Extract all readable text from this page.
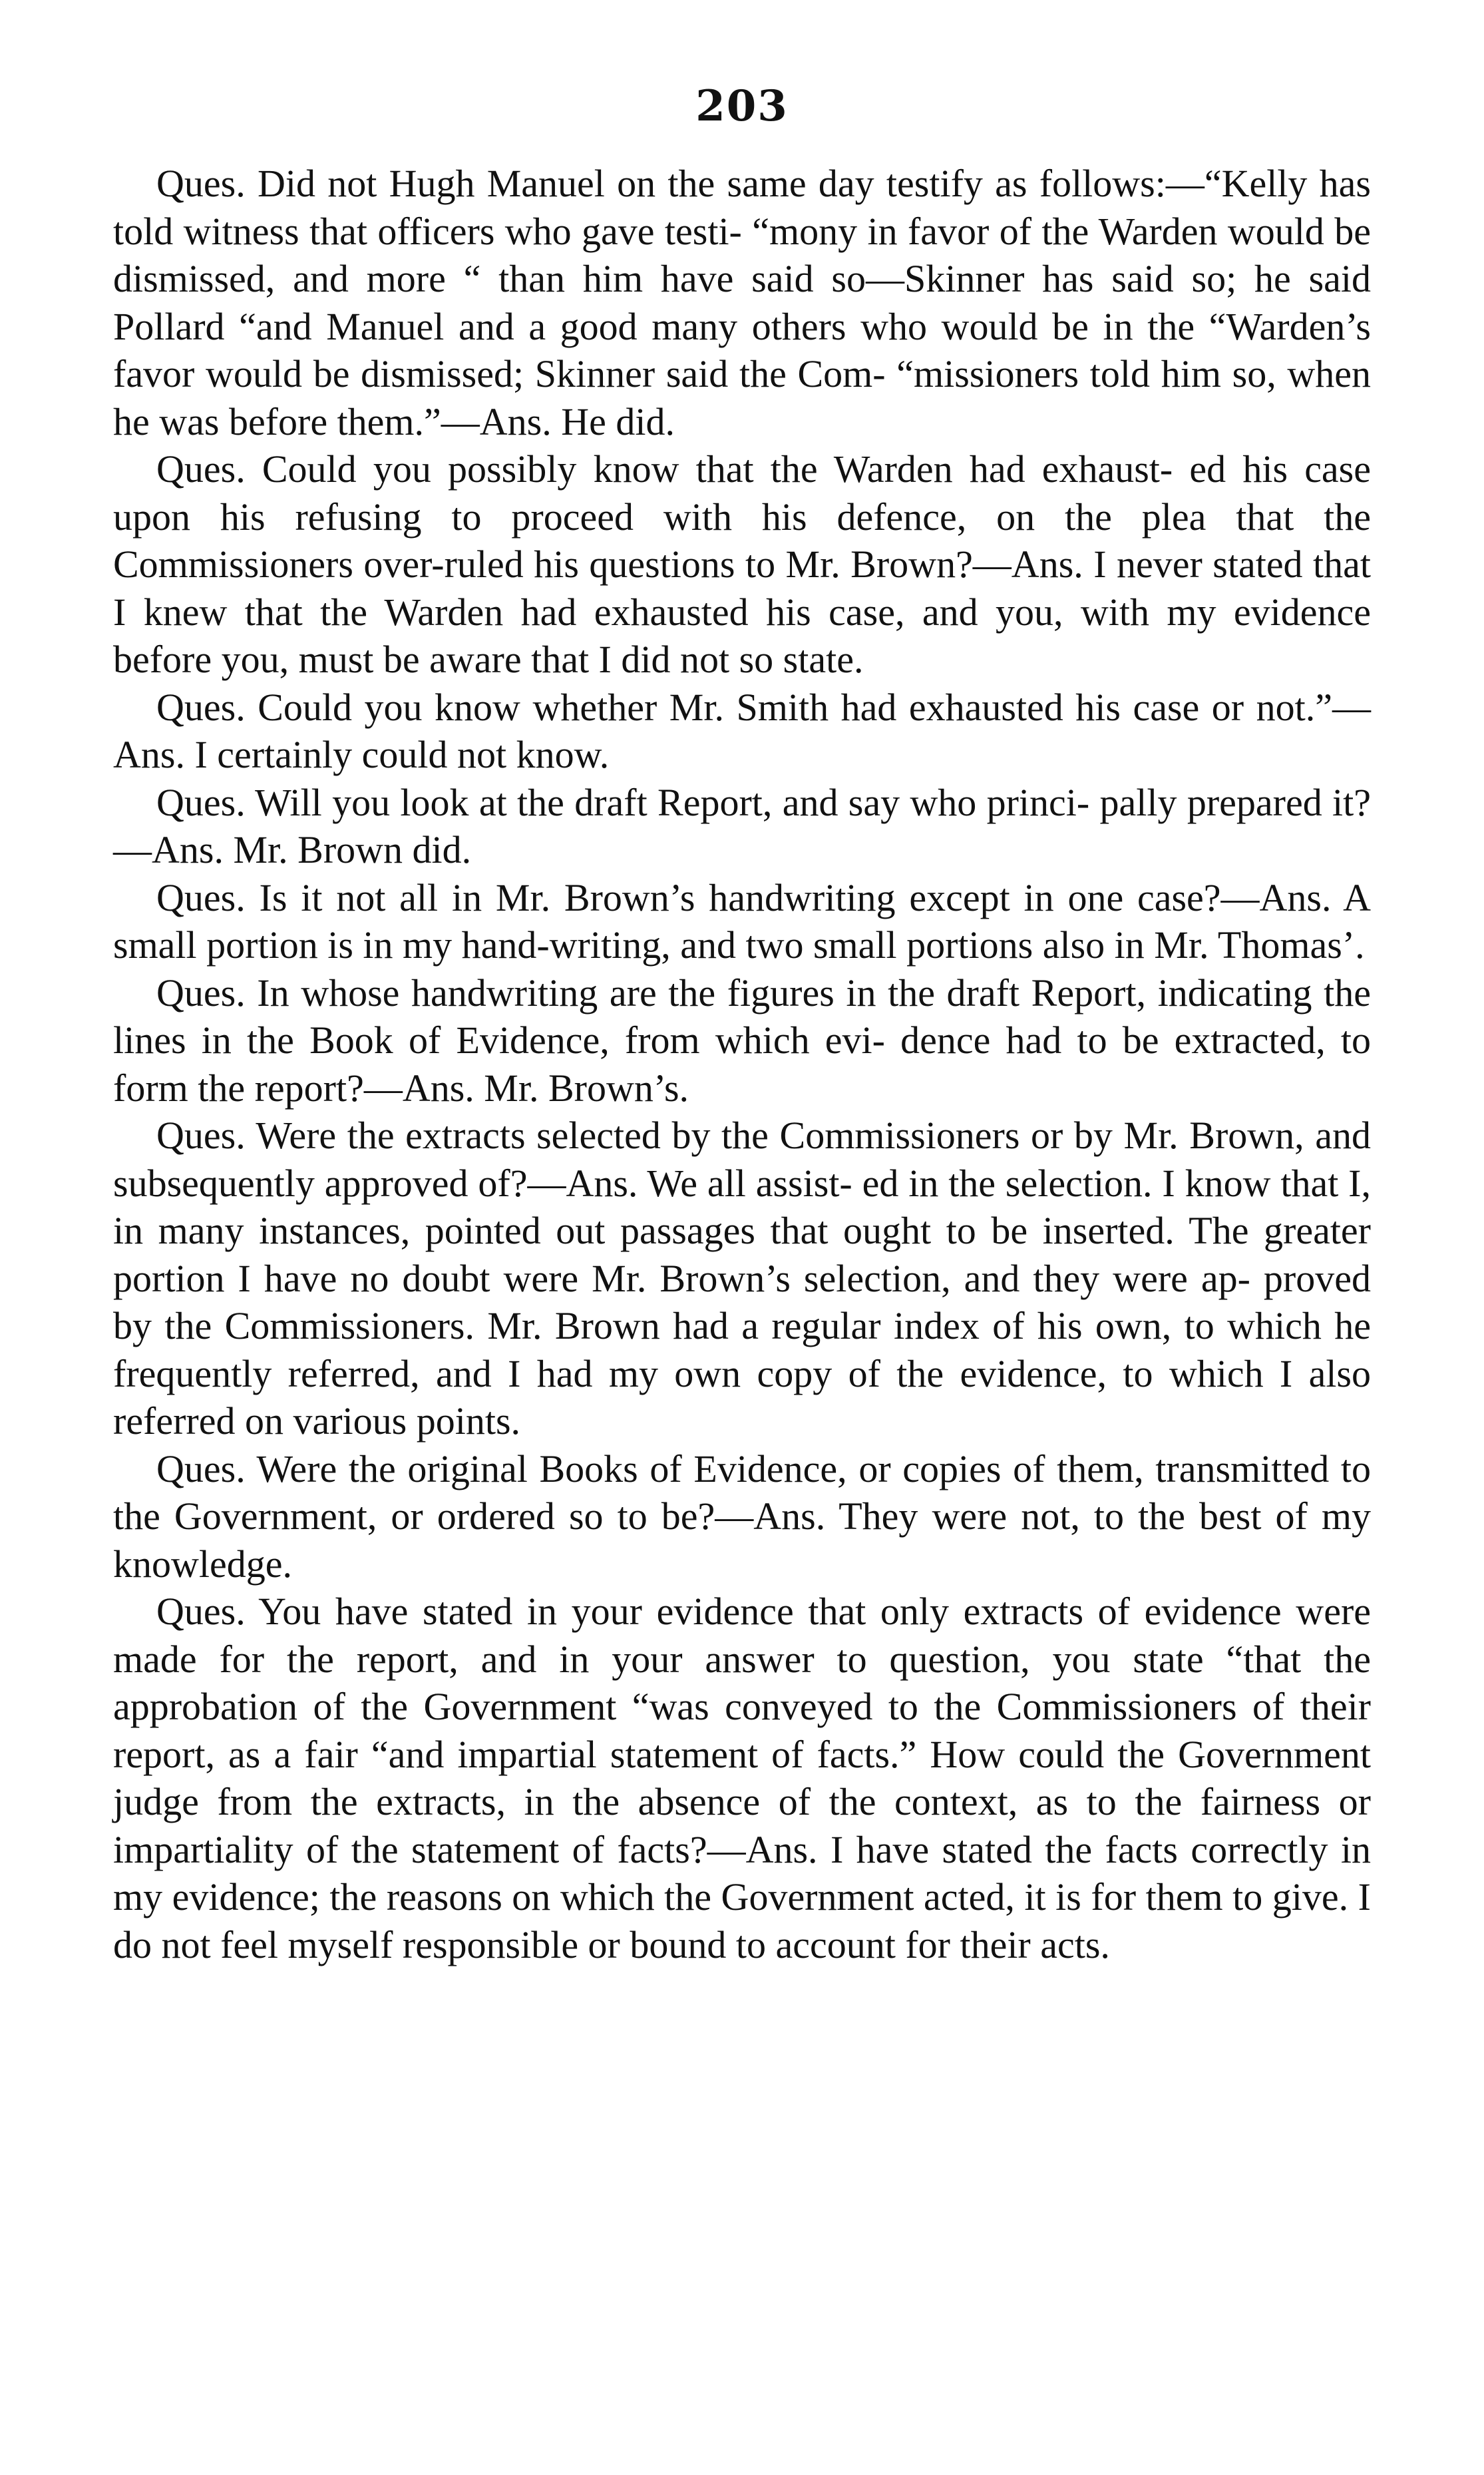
203

Ques. Did not Hugh Manuel on the same day testify as follows:—“Kelly has told witness that officers who gave testi- “mony in favor of the Warden would be dismissed, and more “ than him have said so—Skinner has said so; he said Pollard “and Manuel and a good many others who would be in the “Warden’s favor would be dismissed; Skinner said the Com- “missioners told him so, when he was before them.”—Ans. He did.

Ques. Could you possibly know that the Warden had exhaust- ed his case upon his refusing to proceed with his defence, on the plea that the Commissioners over-ruled his questions to Mr. Brown?—Ans. I never stated that I knew that the Warden had exhausted his case, and you, with my evidence before you, must be aware that I did not so state.

Ques. Could you know whether Mr. Smith had exhausted his case or not.”—Ans. I certainly could not know.

Ques. Will you look at the draft Report, and say who princi- pally prepared it?—Ans. Mr. Brown did.

Ques. Is it not all in Mr. Brown’s handwriting except in one case?—Ans. A small portion is in my hand-writing, and two small portions also in Mr. Thomas’.

Ques. In whose handwriting are the figures in the draft Report, indicating the lines in the Book of Evidence, from which evi- dence had to be extracted, to form the report?—Ans. Mr. Brown’s.

Ques. Were the extracts selected by the Commissioners or by Mr. Brown, and subsequently approved of?—Ans. We all assist- ed in the selection. I know that I, in many instances, pointed out passages that ought to be inserted. The greater portion I have no doubt were Mr. Brown’s selection, and they were ap- proved by the Commissioners. Mr. Brown had a regular index of his own, to which he frequently referred, and I had my own copy of the evidence, to which I also referred on various points.

Ques. Were the original Books of Evidence, or copies of them, transmitted to the Government, or ordered so to be?—Ans. They were not, to the best of my knowledge.

Ques. You have stated in your evidence that only extracts of evidence were made for the report, and in your answer to question, you state “that the approbation of the Government “was conveyed to the Commissioners of their report, as a fair “and impartial statement of facts.” How could the Government judge from the extracts, in the absence of the context, as to the fairness or impartiality of the statement of facts?—Ans. I have stated the facts correctly in my evidence; the reasons on which the Government acted, it is for them to give. I do not feel myself responsible or bound to account for their acts.
